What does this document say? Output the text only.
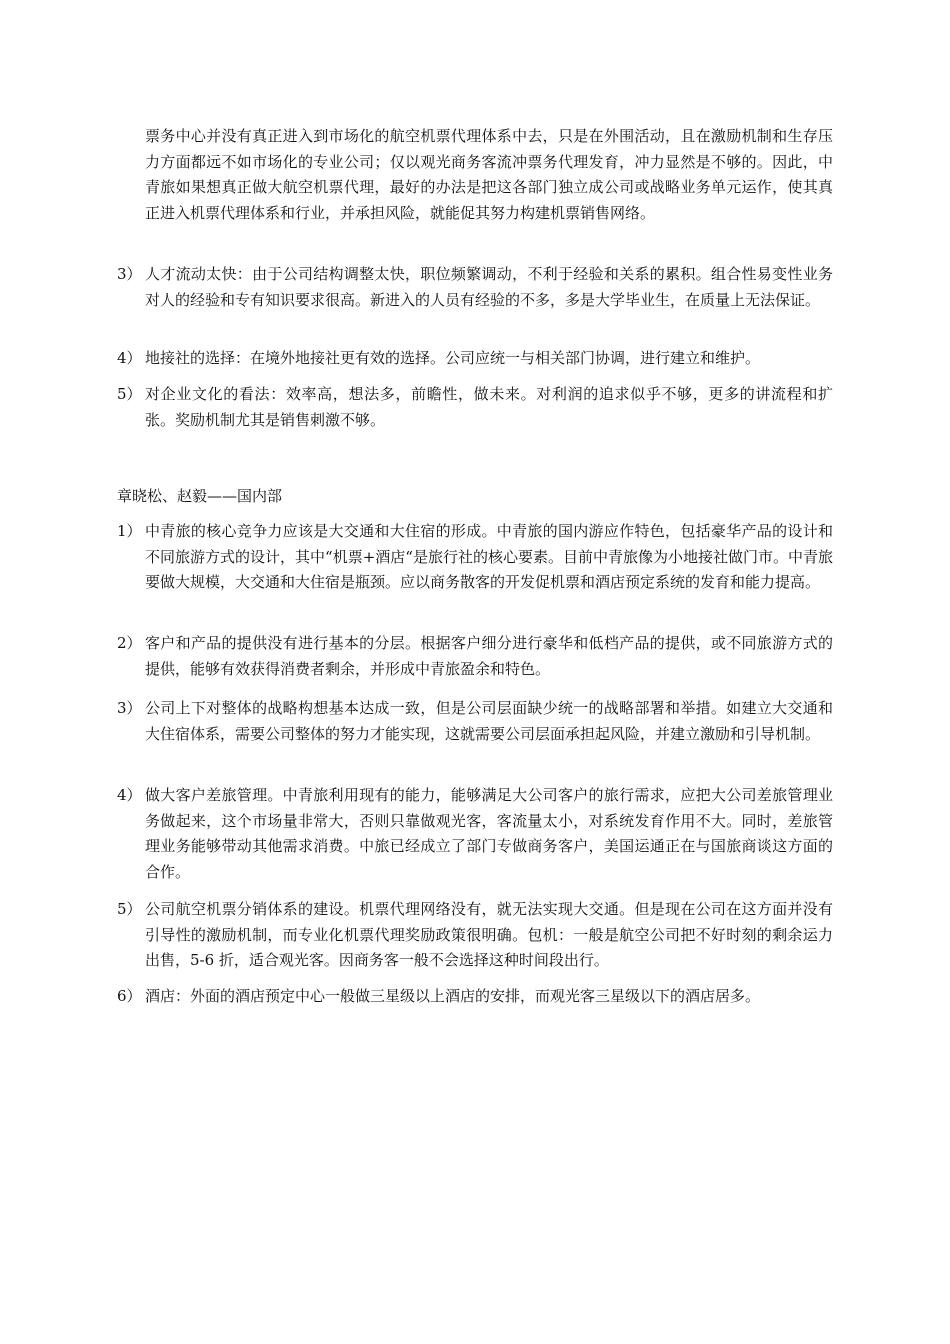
票务中心并没有真正进入到市场化的航空机票代理体系中去，只是在外围活动，且在激励机制和生存压力方面都远不如市场化的专业公司；仅以观光商务客流冲票务代理发育，冲力显然是不够的。因此，中青旅如果想真正做大航空机票代理，最好的办法是把这各部门独立成公司或战略业务单元运作，使其真正进入机票代理体系和行业，并承担风险，就能促其努力构建机票销售网络。
3） 人才流动太快：由于公司结构调整太快，职位频繁调动，不利于经验和关系的累积。组合性易变性业务对人的经验和专有知识要求很高。新进入的人员有经验的不多，多是大学毕业生，在质量上无法保证。
4） 地接社的选择：在境外地接社更有效的选择。公司应统一与相关部门协调，进行建立和维护。
5） 对企业文化的看法：效率高，想法多，前瞻性，做未来。对利润的追求似乎不够，更多的讲流程和扩张。奖励机制尤其是销售刺激不够。
章晓松、赵毅——国内部
1） 中青旅的核心竞争力应该是大交通和大住宿的形成。中青旅的国内游应作特色，包括豪华产品的设计和不同旅游方式的设计，其中“机票+酒店“是旅行社的核心要素。目前中青旅像为小地接社做门市。中青旅要做大规模，大交通和大住宿是瓶颈。应以商务散客的开发促机票和酒店预定系统的发育和能力提高。
2） 客户和产品的提供没有进行基本的分层。根据客户细分进行豪华和低档产品的提供，或不同旅游方式的提供，能够有效获得消费者剩余，并形成中青旅盈余和特色。
3） 公司上下对整体的战略构想基本达成一致，但是公司层面缺少统一的战略部署和举措。如建立大交通和大住宿体系，需要公司整体的努力才能实现，这就需要公司层面承担起风险，并建立激励和引导机制。
4） 做大客户差旅管理。中青旅利用现有的能力，能够满足大公司客户的旅行需求，应把大公司差旅管理业务做起来，这个市场量非常大，否则只靠做观光客，客流量太小，对系统发育作用不大。同时，差旅管理业务能够带动其他需求消费。中旅已经成立了部门专做商务客户，美国运通正在与国旅商谈这方面的合作。
5） 公司航空机票分销体系的建设。机票代理网络没有，就无法实现大交通。但是现在公司在这方面并没有引导性的激励机制，而专业化机票代理奖励政策很明确。包机：一般是航空公司把不好时刻的剩余运力出售，5-6 折，适合观光客。因商务客一般不会选择这种时间段出行。
6） 酒店：外面的酒店预定中心一般做三星级以上酒店的安排，而观光客三星级以下的酒店居多。
